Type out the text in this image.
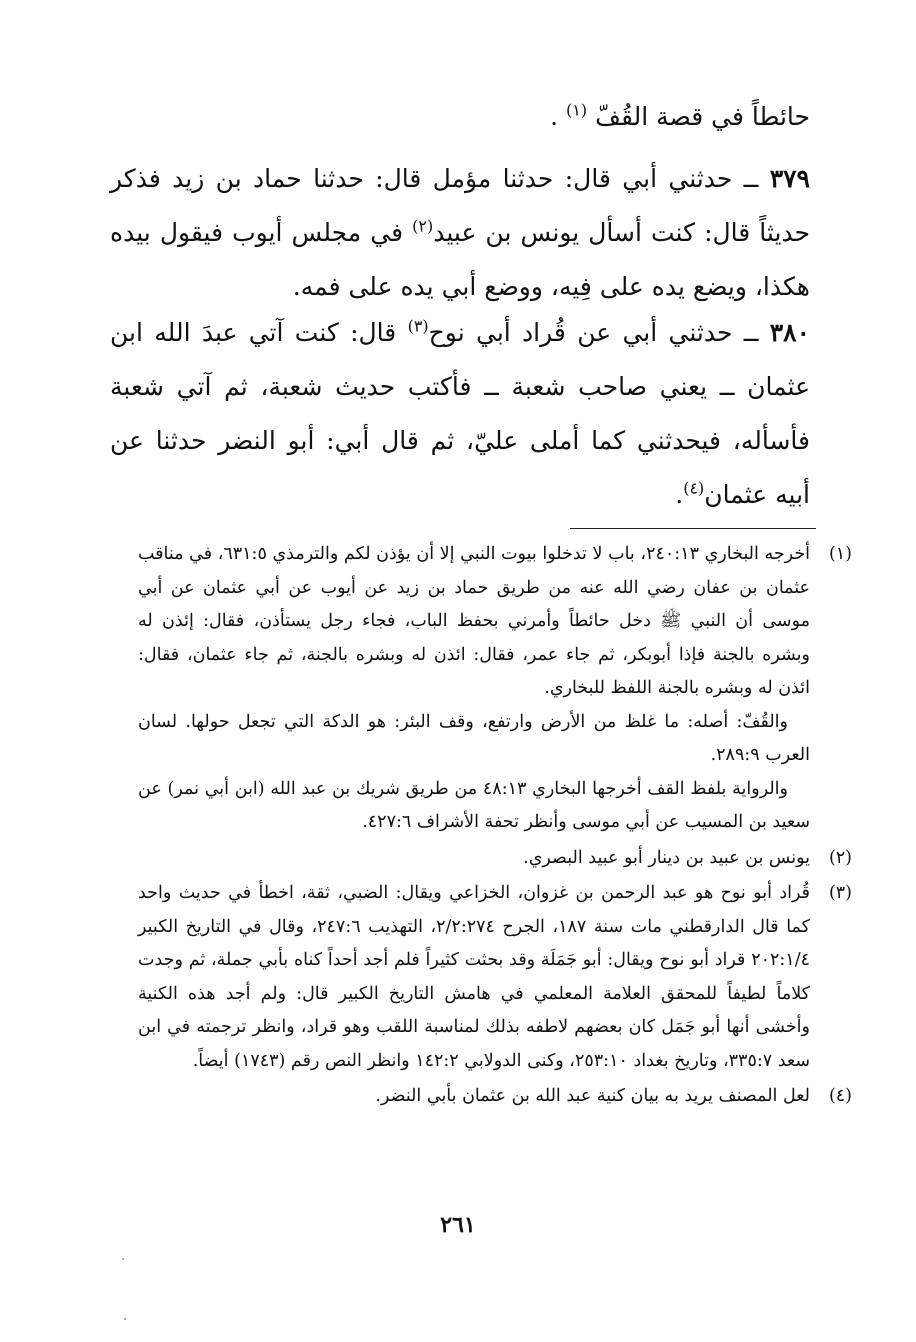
حائطاً في قصة القُفّ $^{(١)}$ .
٣٧٩ ــ حدثني أبي قال: حدثنا مؤمل قال: حدثنا حماد بن زيد فذكر حديثاً قال: كنت أسأل يونس بن عبيد$^{(٢)}$ في مجلس أيوب فيقول بيده هكذا، ويضع يده على فِيه، ووضع أبي يده على فمه.
٣٨٠ ــ حدثني أبي عن قُراد أبي نوح$^{(٣)}$ قال: كنت آتي عبدَ الله ابن عثمان ــ يعني صاحب شعبة ــ فأكتب حديث شعبة، ثم آتي شعبة فأسأله، فيحدثني كما أملى عليّ، ثم قال أبي: أبو النضر حدثنا عن أبيه عثمان$^{(٤)}$.
(١)

أخرجه البخاري ٢٤٠:١٣، باب لا تدخلوا بيوت النبي إلا أن يؤذن لكم والترمذي ٦٣١:٥، في مناقب عثمان بن عفان رضي الله عنه من طريق حماد بن زيد عن أيوب عن أبي عثمان عن أبي موسى أن النبي ﷺ دخل حائطاً وأمرني بحفظ الباب، فجاء رجل يستأذن، فقال: إئذن له وبشره بالجنة فإذا أبوبكر، ثم جاء عمر، فقال: ائذن له وبشره بالجنة، ثم جاء عثمان، فقال: ائذن له وبشره بالجنة اللفظ للبخاري.

والقُفّ: أصله: ما غلظ من الأرض وارتفع، وقف البئر: هو الدكة التي تجعل حولها. لسان العرب ٢٨٩:٩.

والرواية بلفظ القف أخرجها البخاري ٤٨:١٣ من طريق شريك بن عبد الله (ابن أبي نمر) عن سعيد بن المسيب عن أبي موسى وأنظر تحفة الأشراف ٤٢٧:٦.

(٢)

يونس بن عبيد بن دينار أبو عبيد البصري.

(٣)

قُراد أبو نوح هو عبد الرحمن بن غزوان، الخزاعي ويقال: الضبي، ثقة، اخطأ في حديث واحد كما قال الدارقطني مات سنة ١٨٧، الجرح ٢/٢:٢٧٤، التهذيب ٢٤٧:٦، وقال في التاريخ الكبير ٢٠٢:١/٤ قراد أبو نوح ويقال: أبو جَمَلَة وقد بحثت كثيراً فلم أجد أحداً كناه بأبي جملة، ثم وجدت كلاماً لطيفاً للمحقق العلامة المعلمي في هامش التاريخ الكبير قال: ولم أجد هذه الكنية وأخشى أنها أبو جَمَل كان بعضهم لاطفه بذلك لمناسبة اللقب وهو قراد، وانظر ترجمته في ابن سعد ٣٣٥:٧، وتاريخ بغداد ٢٥٣:١٠، وكنى الدولابي ١٤٢:٢ وانظر النص رقم (١٧٤٣) أيضاً.

(٤)

لعل المصنف يريد به بيان كنية عبد الله بن عثمان بأبي النضر.

٢٦١
